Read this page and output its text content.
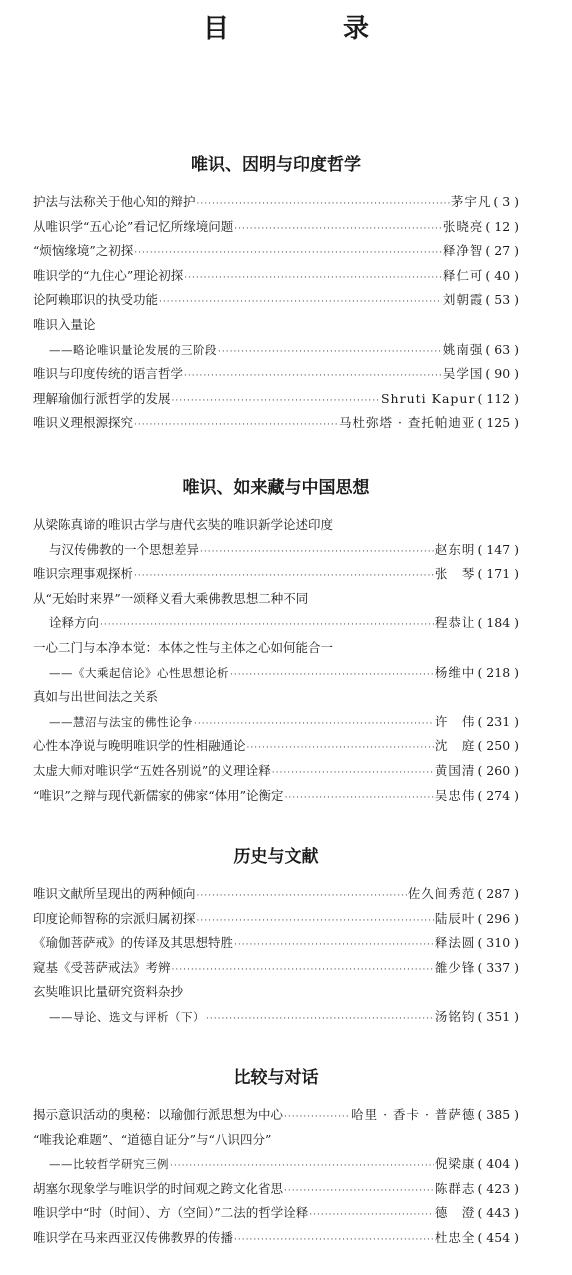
目　录
唯识、因明与印度哲学
护法与法称关于他心知的辩护 ·····	茅宇凡 ( 3 )
从唯识学“五心论”看记忆所缘境问题 ·····	张晓亮 ( 12 )
“烦恼缘境”之初探 ·····	释净智 ( 27 )
唯识学的“九住心”理论初探 ·····	释仁可 ( 40 )
论阿赖耶识的执受功能 ·····	刘朝霞 ( 53 )
唯识入量论
——略论唯识量论发展的三阶段 ·····	姚南强 ( 63 )
唯识与印度传统的语言哲学 ·····	吴学国 ( 90 )
理解瑜伽行派哲学的发展 ·····	Shruti Kapur ( 112 )
唯识义理根源探究 ·····	马杜弥塔 · 查托帕迪亚 ( 125 )
唯识、如来藏与中国思想
从梁陈真谛的唯识古学与唐代玄奘的唯识新学论述印度
与汉传佛教的一个思想差异 ·····	赵东明 ( 147 )
唯识宗理事观探析 ·····	张　琴 ( 171 )
从“无始时来界”一颂释义看大乘佛教思想二种不同
诠释方向 ·····	程恭让 ( 184 )
一心二门与本净本觉：本体之性与主体之心如何能合一
——《大乘起信论》心性思想论析 ·····	杨维中 ( 218 )
真如与出世间法之关系
——慧沼与法宝的佛性论争 ·····	许　伟 ( 231 )
心性本净说与晚明唯识学的性相融通论 ·····	沈　庭 ( 250 )
太虚大师对唯识学“五姓各别说”的义理诠释 ·····	黄国清 ( 260 )
“唯识”之辩与现代新儒家的佛家“体用”论衡定 ·····	吴忠伟 ( 274 )
历史与文献
唯识文献所呈现出的两种倾向 ·····	佐久间秀范 ( 287 )
印度论师智称的宗派归属初探 ·····	陆辰叶 ( 296 )
《瑜伽菩萨戒》的传译及其思想特胜 ·····	释法圆 ( 310 )
窥基《受菩萨戒法》考辨 ·····	雒少锋 ( 337 )
玄奘唯识比量研究资料杂抄
——导论、选文与评析（下） ·····	汤铭钧 ( 351 )
比较与对话
揭示意识活动的奥秘：以瑜伽行派思想为中心 ·····	哈里 · 香卡 · 普萨德 ( 385 )
“唯我论难题”、“道德自证分”与“八识四分”
——比较哲学研究三例 ·····	倪梁康 ( 404 )
胡塞尔现象学与唯识学的时间观之跨文化省思 ·····	陈群志 ( 423 )
唯识学中“时（时间）、方（空间）”二法的哲学诠释 ·····	德　澄 ( 443 )
唯识学在马来西亚汉传佛教界的传播 ·····	杜忠全 ( 454 )
